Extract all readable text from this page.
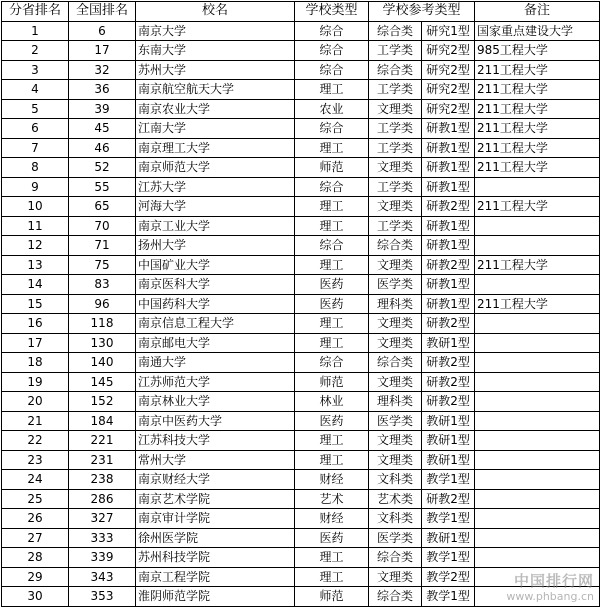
分省排名	全国排名	校名	学校类型	学校参考类型		备注
1	6	南京大学	综合	综合类	研究1型	国家重点建设大学
2	17	东南大学	综合	工学类	研究2型	985工程大学
3	32	苏州大学	综合	综合类	研究2型	211工程大学
4	36	南京航空航天大学	理工	工学类	研究2型	211工程大学
5	39	南京农业大学	农业	文理类	研究2型	211工程大学
6	45	江南大学	综合	工学类	研教1型	211工程大学
7	46	南京理工大学	理工	工学类	研教1型	211工程大学
8	52	南京师范大学	师范	文理类	研教1型	211工程大学
9	55	江苏大学	综合	工学类	研教1型	
10	65	河海大学	理工	文理类	研教2型	211工程大学
11	70	南京工业大学	理工	工学类	研教1型	
12	71	扬州大学	综合	综合类	研教1型	
13	75	中国矿业大学	理工	文理类	研教2型	211工程大学
14	83	南京医科大学	医药	医学类	研教1型	
15	96	中国药科大学	医药	理科类	研教1型	211工程大学
16	118	南京信息工程大学	理工	文理类	研教2型	
17	130	南京邮电大学	理工	文理类	教研1型	
18	140	南通大学	综合	综合类	研教2型	
19	145	江苏师范大学	师范	文理类	研教2型	
20	152	南京林业大学	林业	理科类	研教2型	
21	184	南京中医药大学	医药	医学类	教研1型	
22	221	江苏科技大学	理工	文理类	教研1型	
23	231	常州大学	理工	文理类	教研1型	
24	238	南京财经大学	财经	文科类	教学1型	
25	286	南京艺术学院	艺术	艺术类	研教2型	
26	327	南京审计学院	财经	文科类	教学1型	
27	333	徐州医学院	医药	医学类	教研1型	
28	339	苏州科技学院	理工	综合类	教学1型	
29	343	南京工程学院	理工	文理类	教学2型	
30	353	淮阴师范学院	师范	综合类	教学1型	
中国排行网
www.phbang.cn
